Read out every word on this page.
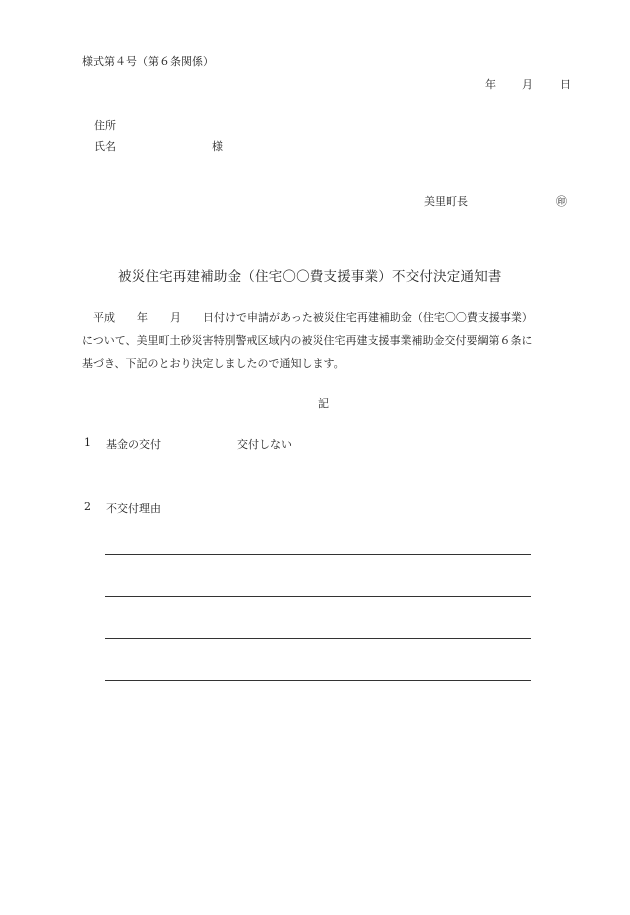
様式第４号（第６条関係）
年 月 日
住所
氏名	様
美里町長	㊞
被災住宅再建補助金（住宅〇〇費支援事業）不交付決定通知書
　平成　　年　　月　　日付けで申請があった被災住宅再建補助金（住宅〇〇費支援事業）
について、美里町土砂災害特別警戒区域内の被災住宅再建支援事業補助金交付要綱第６条に
基づき、下記のとおり決定しましたので通知します。
記
1 基金の交付	交付しない
2 不交付理由
